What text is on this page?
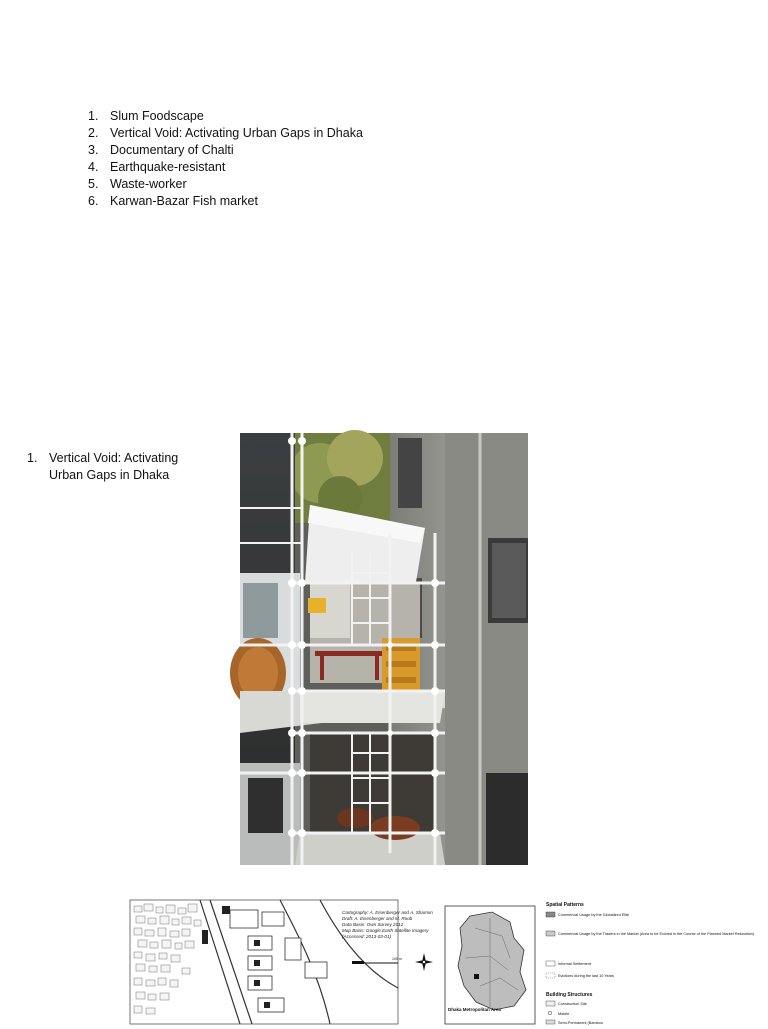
1. Slum Foodscape
2. Vertical Void: Activating Urban Gaps in Dhaka
3. Documentary of Chalti
4. Earthquake-resistant
5. Waste-worker
6. Karwan-Bazar Fish market
1. Vertical Void: Activating
Urban Gaps in Dhaka
Cartography: A. Eisenberger and A. Sharmin
Draft: A. Eisenberger and M. Roob
Data Basis: Own Survey 2012
Map Basis: Google Earth Satellite Imagery
(Accessed: 2013-03-01)
100 m
Dhaka Metropolitan Area
Spatial Patterns
Commercial Usage by the Globalized Elite
Commercial Usage by the Traders in the Market (Area to be Evicted in the Course of the Planned Market Relocation)
Informal Settlement
Evictions during the last 10 Years
Building Structures
Construction Site
Mobile
Semi-Permanent (Bamboo
